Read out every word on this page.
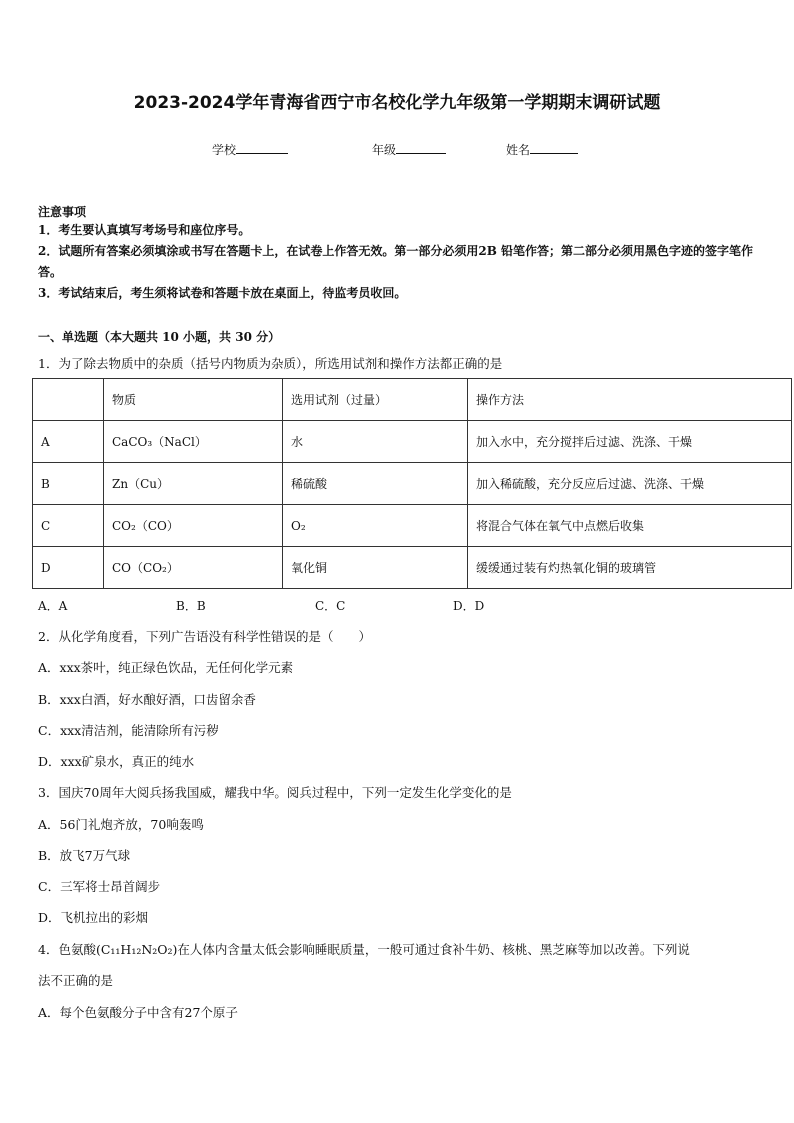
2023-2024学年青海省西宁市名校化学九年级第一学期期末调研试题
学校	年级	姓名
注意事项
1．考生要认真填写考场号和座位序号。
2．试题所有答案必须填涂或书写在答题卡上，在试卷上作答无效。第一部分必须用2B 铅笔作答；第二部分必须用黑色字迹的签字笔作答。
3．考试结束后，考生须将试卷和答题卡放在桌面上，待监考员收回。
一、单选题（本大题共 10 小题，共 30 分）
1．为了除去物质中的杂质（括号内物质为杂质），所选用试剂和操作方法都正确的是
	物质	选用试剂（过量）	操作方法
A	CaCO₃（NaCl）	水	加入水中，充分搅拌后过滤、洗涤、干燥
B	Zn（Cu）	稀硫酸	加入稀硫酸，充分反应后过滤、洗涤、干燥
C	CO₂（CO）	O₂	将混合气体在氧气中点燃后收集
D	CO（CO₂）	氧化铜	缓缓通过装有灼热氧化铜的玻璃管
A．A	B．B	C．C	D．D
2．从化学角度看，下列广告语没有科学性错误的是（　　）
A．xxx茶叶，纯正绿色饮品，无任何化学元素
B．xxx白酒，好水酿好酒，口齿留余香
C．xxx清洁剂，能清除所有污秽
D．xxx矿泉水，真正的纯水
3．国庆70周年大阅兵扬我国威，耀我中华。阅兵过程中，下列一定发生化学变化的是
A．56门礼炮齐放，70响轰鸣
B．放飞7万气球
C．三军将士昂首阔步
D．飞机拉出的彩烟
4．色氨酸(C₁₁H₁₂N₂O₂)在人体内含量太低会影响睡眠质量，一般可通过食补牛奶、核桃、黑芝麻等加以改善。下列说
法不正确的是
A．每个色氨酸分子中含有27个原子
